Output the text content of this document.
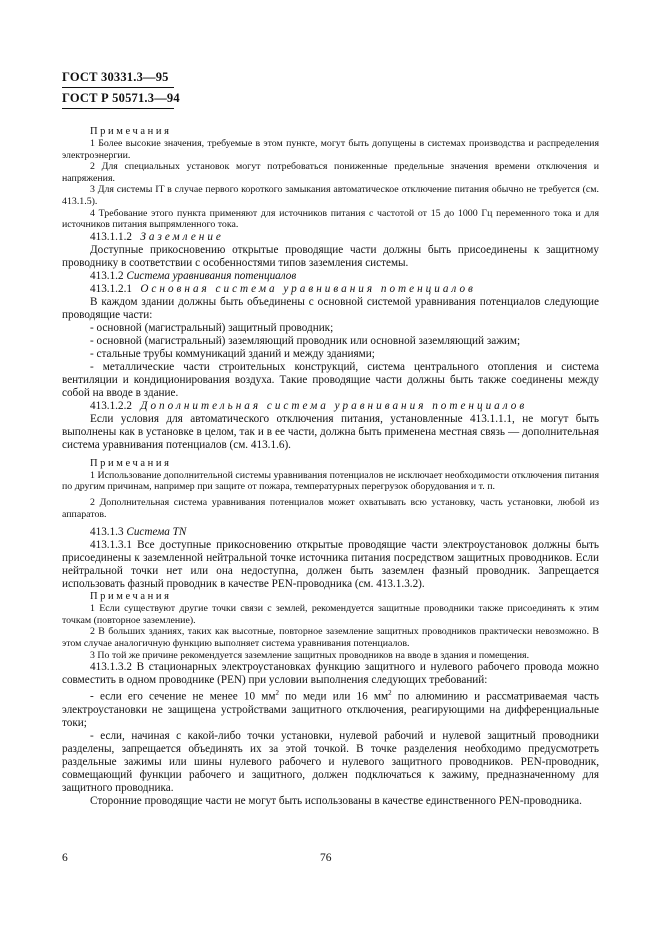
ГОСТ 30331.3—95
ГОСТ Р 50571.3—94

Примечания

1 Более высокие значения, требуемые в этом пункте, могут быть допущены в системах производства и распределения электроэнергии.

2 Для специальных установок могут потребоваться пониженные предельные значения времени отключения и напряжения.

3 Для системы IT в случае первого короткого замыкания автоматическое отключение питания обычно не требуется (см. 413.1.5).

4 Требование этого пункта применяют для источников питания с частотой от 15 до 1000 Гц переменного тока и для источников питания выпрямленного тока.

413.1.1.2 Заземление

Доступные прикосновению открытые проводящие части должны быть присоединены к защитному проводнику в соответствии с особенностями типов заземления системы.

413.1.2 Система уравнивания потенциалов

413.1.2.1 Основная система уравнивания потенциалов

В каждом здании должны быть объединены с основной системой уравнивания потенциалов следующие проводящие части:

- основной (магистральный) защитный проводник;

- основной (магистральный) заземляющий проводник или основной заземляющий зажим;

- стальные трубы коммуникаций зданий и между зданиями;

- металлические части строительных конструкций, система центрального отопления и система вентиляции и кондиционирования воздуха. Такие проводящие части должны быть также соединены между собой на вводе в здание.

413.1.2.2 Дополнительная система уравнивания потенциалов

Если условия для автоматического отключения питания, установленные 413.1.1.1, не могут быть выполнены как в установке в целом, так и в ее части, должна быть применена местная связь — дополнительная система уравнивания потенциалов (см. 413.1.6).

Примечания

1 Использование дополнительной системы уравнивания потенциалов не исключает необходимости отключения питания по другим причинам, например при защите от пожара, температурных перегрузок оборудования и т. п.

2 Дополнительная система уравнивания потенциалов может охватывать всю установку, часть установки, любой из аппаратов.

413.1.3 Система TN

413.1.3.1 Все доступные прикосновению открытые проводящие части электроустановок должны быть присоединены к заземленной нейтральной точке источника питания посредством защитных проводников. Если нейтральной точки нет или она недоступна, должен быть заземлен фазный проводник. Запрещается использовать фазный проводник в качестве PEN-проводника (см. 413.1.3.2).

Примечания

1 Если существуют другие точки связи с землей, рекомендуется защитные проводники также присоединять к этим точкам (повторное заземление).

2 В больших зданиях, таких как высотные, повторное заземление защитных проводников практически невозможно. В этом случае аналогичную функцию выполняет система уравнивания потенциалов.

3 По той же причине рекомендуется заземление защитных проводников на вводе в здания и помещения.

413.1.3.2 В стационарных электроустановках функцию защитного и нулевого рабочего провода можно совместить в одном проводнике (PEN) при условии выполнения следующих требований:

- если его сечение не менее 10 $мм^2$ по меди или 16 $мм^2$ по алюминию и рассматриваемая часть электроустановки не защищена устройствами защитного отключения, реагирующими на дифференциальные токи;

- если, начиная с какой-либо точки установки, нулевой рабочий и нулевой защитный проводники разделены, запрещается объединять их за этой точкой. В точке разделения необходимо предусмотреть раздельные зажимы или шины нулевого рабочего и нулевого защитного проводников. PEN-проводник, совмещающий функции рабочего и защитного, должен подключаться к зажиму, предназначенному для защитного проводника.

Сторонние проводящие части не могут быть использованы в качестве единственного PEN-проводника.

6	76
